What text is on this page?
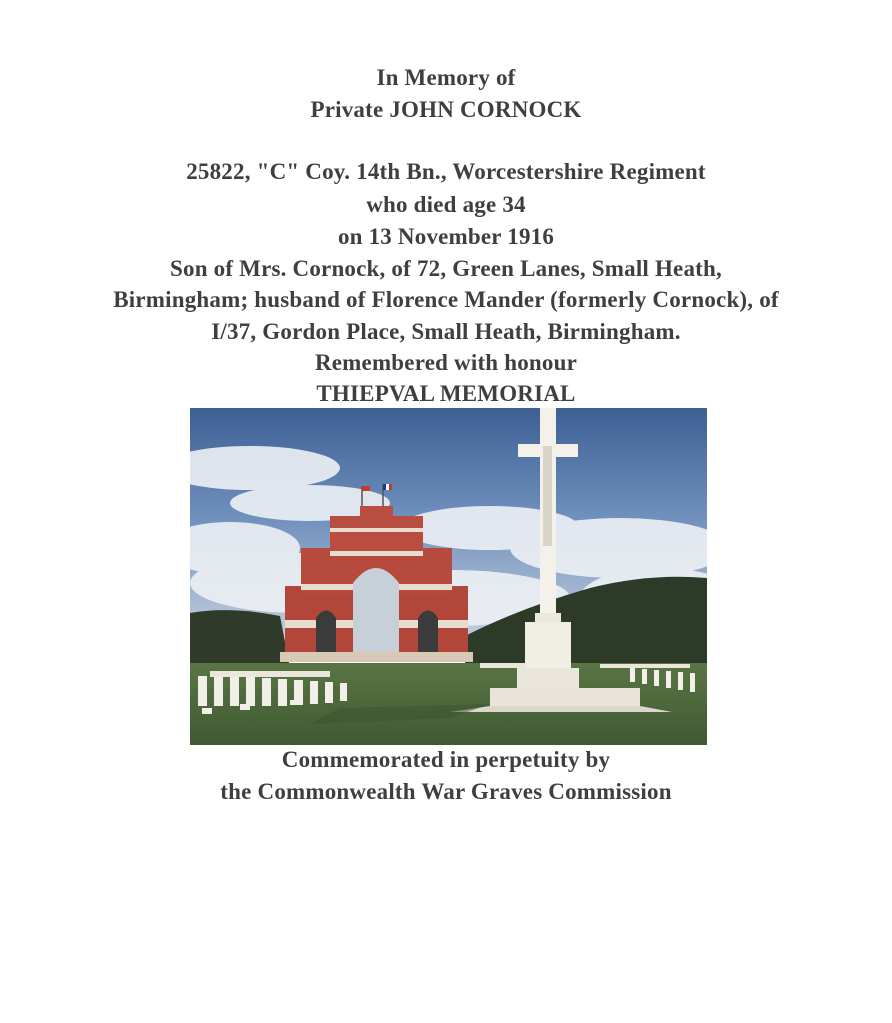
In Memory of
Private JOHN CORNOCK
25822, "C" Coy. 14th Bn., Worcestershire Regiment
who died age 34
on 13 November 1916
Son of Mrs. Cornock, of 72, Green Lanes, Small Heath,
Birmingham; husband of Florence Mander (formerly Cornock), of
I/37, Gordon Place, Small Heath, Birmingham.
Remembered with honour
THIEPVAL MEMORIAL
Commemorated in perpetuity by
the Commonwealth War Graves Commission
